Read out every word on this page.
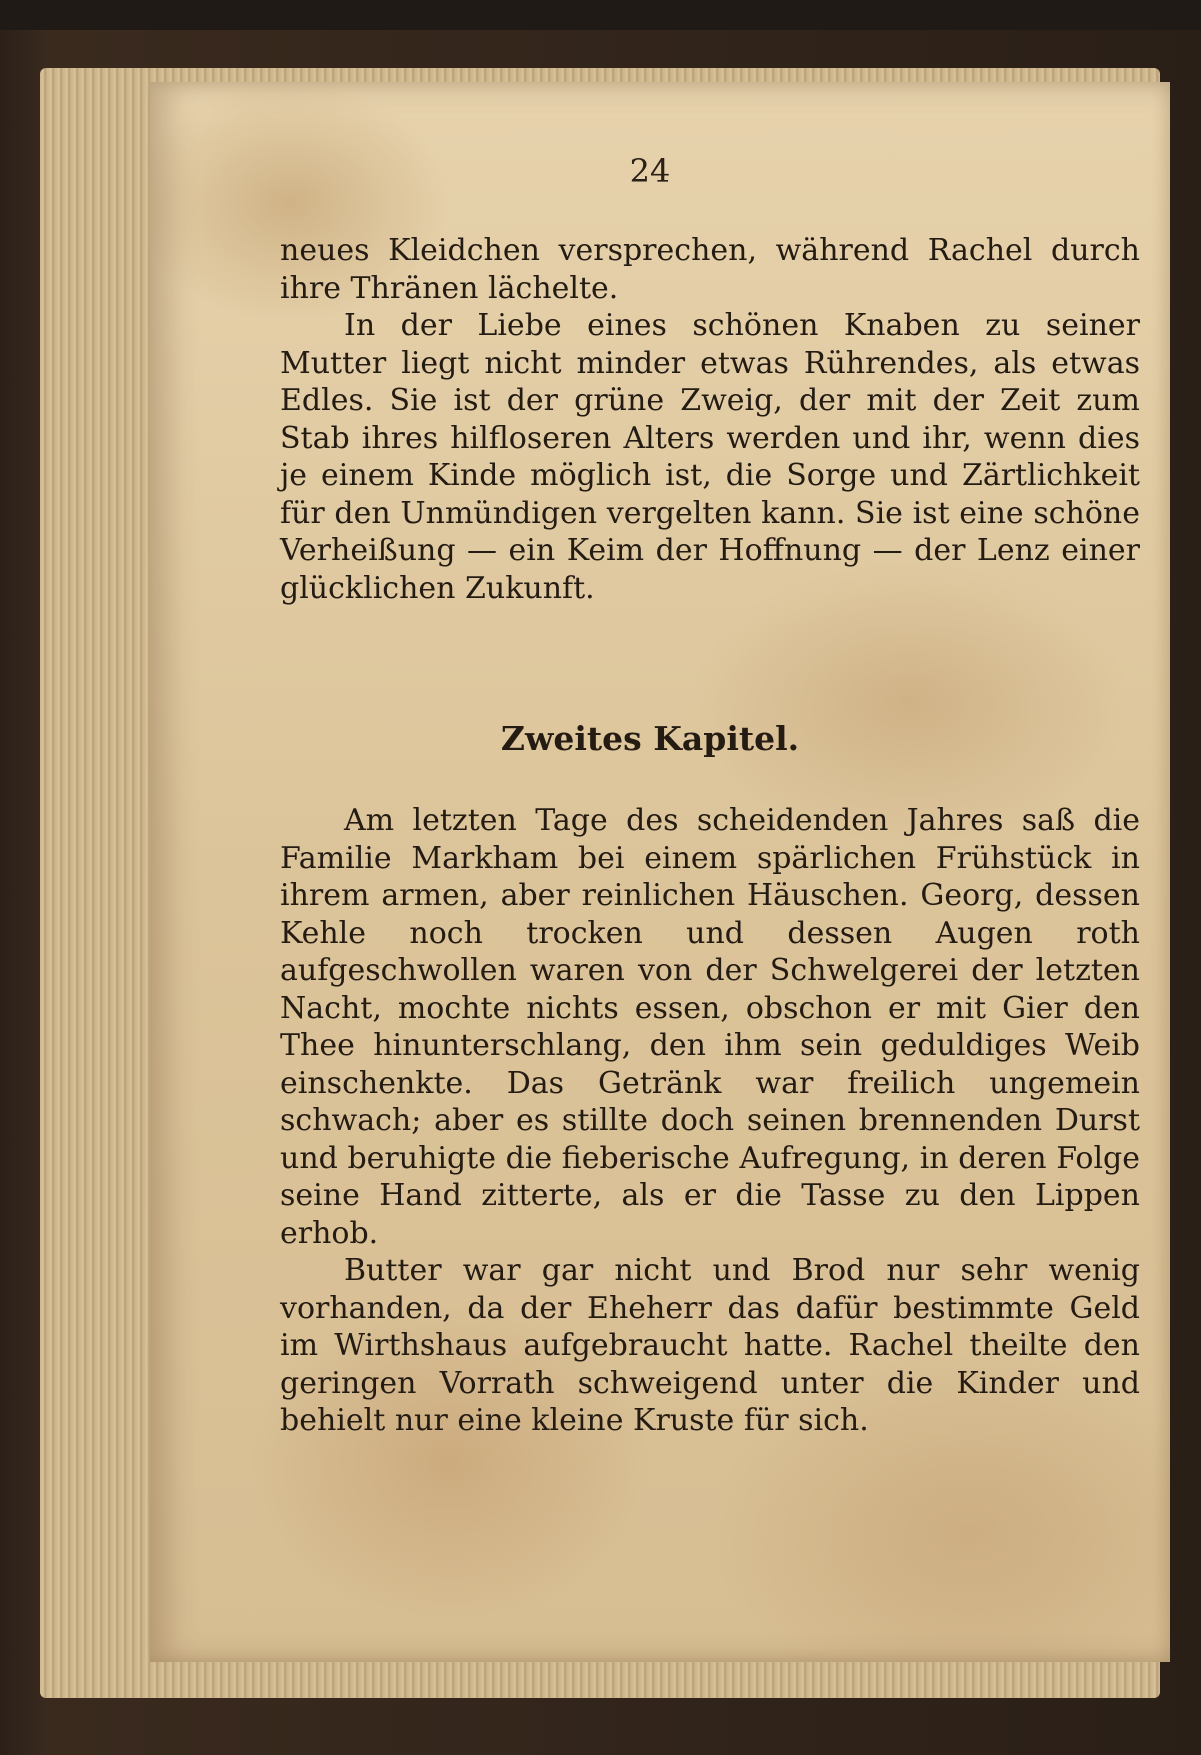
24

neues Kleidchen versprechen, während Rachel durch ihre Thränen lächelte.

In der Liebe eines schönen Knaben zu seiner Mutter liegt nicht minder etwas Rührendes, als etwas Edles. Sie ist der grüne Zweig, der mit der Zeit zum Stab ihres hilfloseren Alters werden und ihr, wenn dies je einem Kinde möglich ist, die Sorge und Zärtlichkeit für den Unmündigen vergelten kann. Sie ist eine schöne Verheißung — ein Keim der Hoffnung — der Lenz einer glücklichen Zukunft.

Zweites Kapitel.

Am letzten Tage des scheidenden Jahres saß die Familie Markham bei einem spärlichen Frühstück in ihrem armen, aber reinlichen Häuschen. Georg, dessen Kehle noch trocken und dessen Augen roth aufgeschwollen waren von der Schwelgerei der letzten Nacht, mochte nichts essen, obschon er mit Gier den Thee hinunterschlang, den ihm sein geduldiges Weib einschenkte. Das Getränk war freilich ungemein schwach; aber es stillte doch seinen brennenden Durst und beruhigte die fieberische Aufregung, in deren Folge seine Hand zitterte, als er die Tasse zu den Lippen erhob.

Butter war gar nicht und Brod nur sehr wenig vorhanden, da der Eheherr das dafür bestimmte Geld im Wirthshaus aufgebraucht hatte. Rachel theilte den geringen Vorrath schweigend unter die Kinder und behielt nur eine kleine Kruste für sich.
